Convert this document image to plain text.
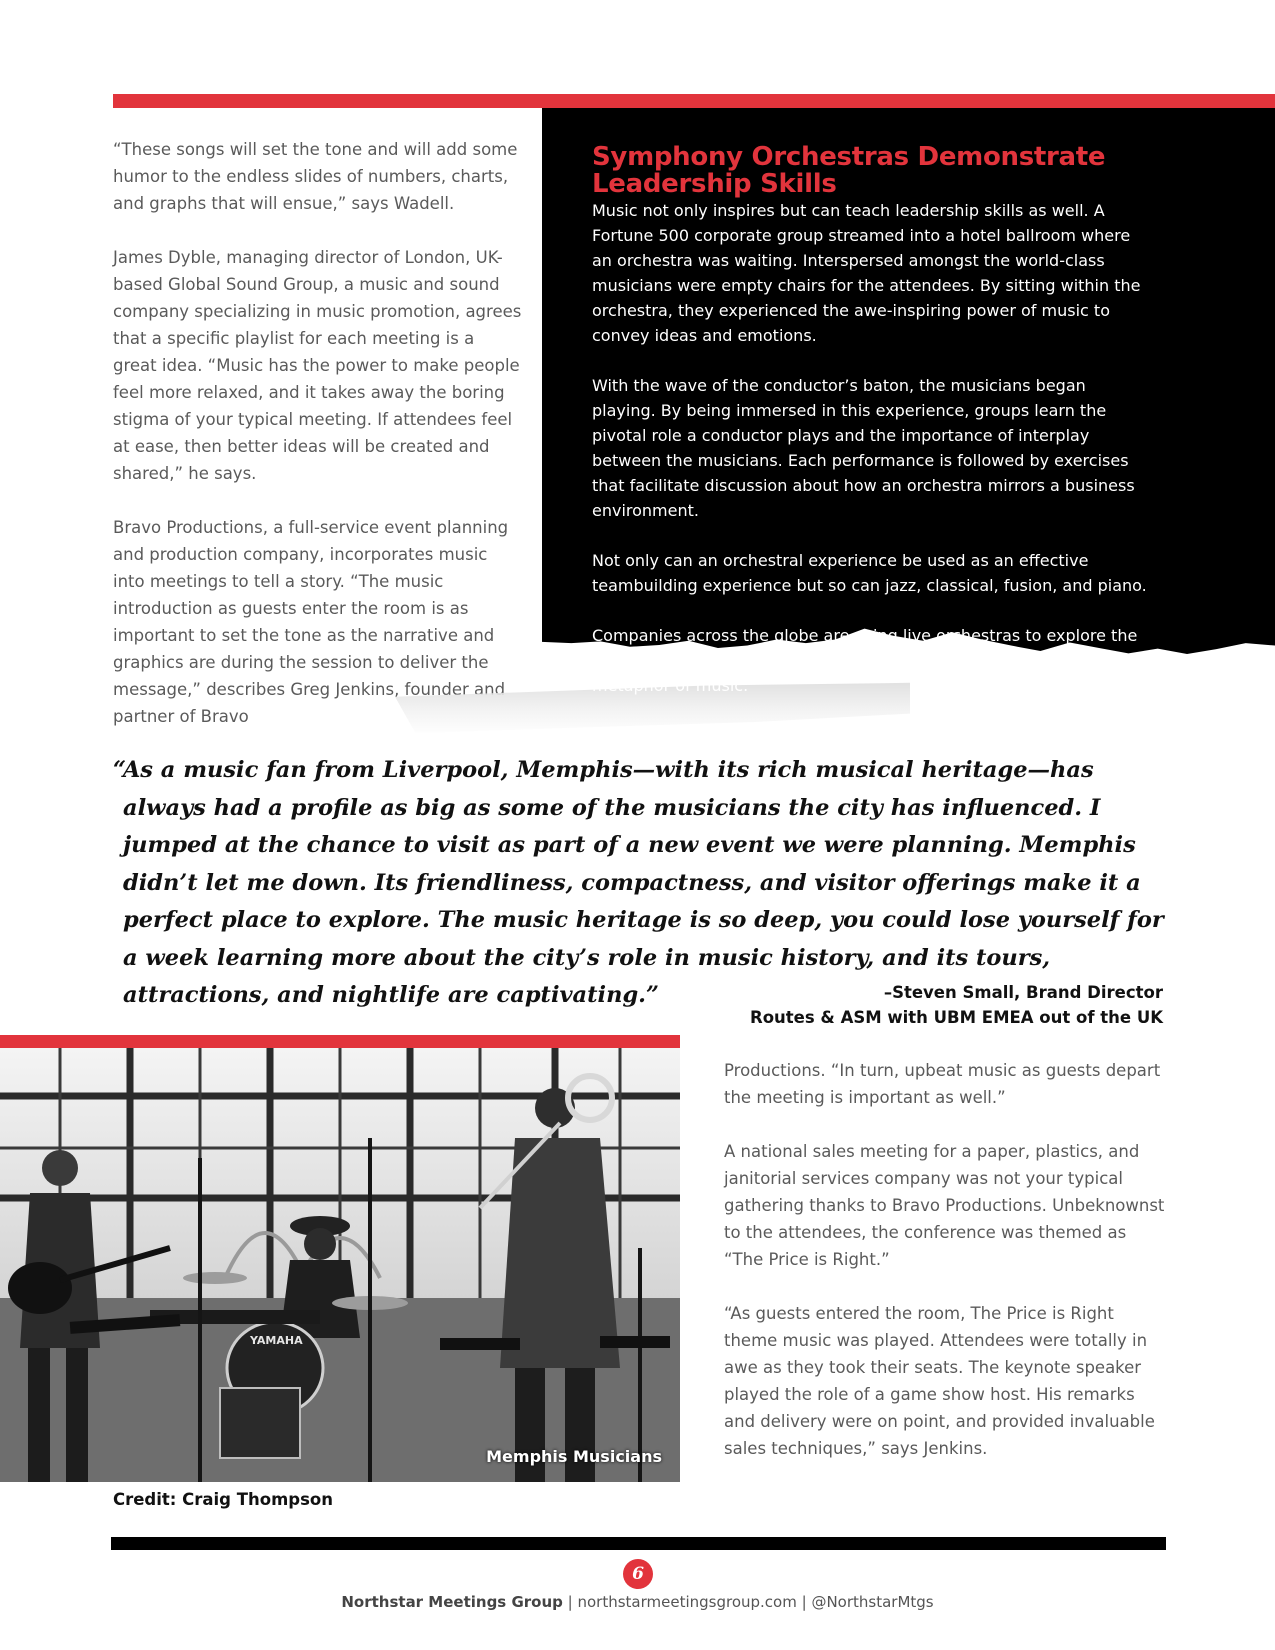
“These songs will set the tone and will add some humor to the endless slides of numbers, charts, and graphs that will ensue,” says Wadell.

James Dyble, managing director of London, UK-based Global Sound Group, a music and sound company specializing in music promotion, agrees that a specific playlist for each meeting is a great idea. “Music has the power to make people feel more relaxed, and it takes away the boring stigma of your typical meeting. If attendees feel at ease, then better ideas will be created and shared,” he says.

Bravo Productions, a full-service event planning and production company, incorporates music into meetings to tell a story. “The music introduction as guests enter the room is as important to set the tone as the narrative and graphics are during the session to deliver the message,” describes Greg Jenkins, founder and partner of Bravo

Symphony Orchestras Demonstrate Leadership Skills

Music not only inspires but can teach leadership skills as well. A Fortune 500 corporate group streamed into a hotel ballroom where an orchestra was waiting. Interspersed amongst the world-class musicians were empty chairs for the attendees. By sitting within the orchestra, they experienced the awe-inspiring power of music to convey ideas and emotions.

With the wave of the conductor’s baton, the musicians began playing. By being immersed in this experience, groups learn the pivotal role a conductor plays and the importance of interplay between the musicians. Each performance is followed by exercises that facilitate discussion about how an orchestra mirrors a business environment.

Not only can an orchestral experience be used as an effective teambuilding experience but so can jazz, classical, fusion, and piano.

Companies across the globe are using live orchestras to explore the concepts of leadership, collaboration, and creativity through the metaphor of music.

“As a music fan from Liverpool, Memphis—with its rich musical heritage—has always had a profile as big as some of the musicians the city has influenced. I jumped at the chance to visit as part of a new event we were planning. Memphis didn’t let me down. Its friendliness, compactness, and visitor offerings make it a perfect place to explore. The music heritage is so deep, you could lose yourself for a week learning more about the city’s role in music history, and its tours, attractions, and nightlife are captivating.”	–Steven Small, Brand Director
Routes & ASM with UBM EMEA out of the UK
YAMAHA
Memphis Musicians
Credit: Craig Thompson

Productions. “In turn, upbeat music as guests depart the meeting is important as well.”

A national sales meeting for a paper, plastics, and janitorial services company was not your typical gathering thanks to Bravo Productions. Unbeknownst to the attendees, the conference was themed as “The Price is Right.”

“As guests entered the room, The Price is Right theme music was played. Attendees were totally in awe as they took their seats. The keynote speaker played the role of a game show host. His remarks and delivery were on point, and provided invaluable sales techniques,” says Jenkins.

6
Northstar Meetings Group | northstarmeetingsgroup.com | @NorthstarMtgs
